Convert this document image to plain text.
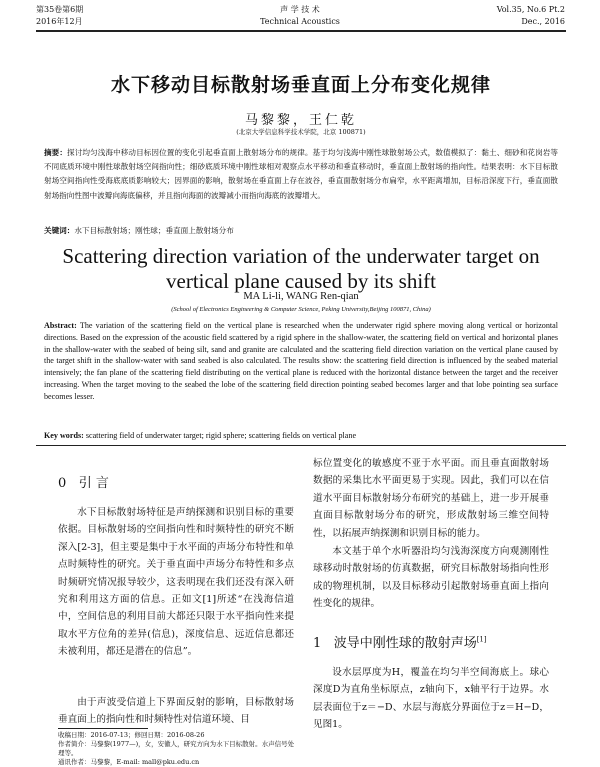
第35卷第6期
2016年12月
声 学 技 术
Technical Acoustics
Vol.35, No.6 Pt.2
Dec., 2016
水下移动目标散射场垂直面上分布变化规律
马黎黎，王仁乾
(北京大学信息科学技术学院，北京 100871)
摘要：探讨均匀浅海中移动目标因位置的变化引起垂直面上散射场分布的规律。基于均匀浅海中刚性球散射场公式，数值模拟了：黏土、细砂和花岗岩等不同底质环境中刚性球散射场空间指向性；细砂底质环境中刚性球相对观察点水平移动和垂直移动时，垂直面上散射场的指向性。结果表明：水下目标散射场空间指向性受海底底质影响较大；因界面的影响，散射场在垂直面上存在波谷，垂直面散射场分布扁窄，水平距离增加，目标沿深度下行，垂直面散射场指向性图中波瓣向海底偏移，并且指向海面的波瓣减小而指向海底的波瓣增大。
关键词：水下目标散射场；刚性球；垂直面上散射场分布
Scattering direction variation of the underwater target on vertical plane caused by its shift
MA Li-li, WANG Ren-qian
(School of Electronics Engineering & Computer Science, Peking University,Beijing 100871, China)
Abstract: The variation of the scattering field on the vertical plane is researched when the underwater rigid sphere moving along vertical or horizontal directions. Based on the expression of the acoustic field scattered by a rigid sphere in the shallow-water, the scattering field on vertical and horizontal planes in the shallow-water with the seabed of being silt, sand and granite are calculated and the scattering field direction variation on the vertical plane caused by the target shift in the shallow-water with sand seabed is also calculated. The results show: the scattering field direction is influenced by the seabed material intensively; the fan plane of the scattering field distributing on the vertical plane is reduced with the horizontal distance between the target and the receiver increasing. When the target moving to the seabed the lobe of the scattering field direction pointing seabed becomes larger and that lobe pointing sea surface becomes lesser.
Key words: scattering field of underwater target; rigid sphere; scattering fields on vertical plane
0 引 言
水下目标散射场特征是声纳探测和识别目标的重要依据。目标散射场的空间指向性和时频特性的研究不断深入[2-3]，但主要是集中于水平面的声场分布特性和单点时频特性的研究。关于垂直面中声场分布特性和多点时频研究情况报导较少，这表明现在我们还没有深入研究和利用这方面的信息。正如文[1]所述“在浅海信道中，空间信息的利用目前大都还只限于水平指向性来提取水平方位角的差异(信息)，深度信息、远近信息都还未被利用，都还是潜在的信息”。
由于声波受信道上下界面反射的影响，目标散射场垂直面上的指向性和时频特性对信道环境、目
标位置变化的敏感度不亚于水平面。而且垂直面散射场数据的采集比水平面更易于实现。因此，我们可以在信道水平面目标散射场分布研究的基础上，进一步开展垂直面目标散射场分布的研究，形成散射场三维空间特性，以拓展声纳探测和识别目标的能力。
本文基于单个水听器沿均匀浅海深度方向观测刚性球移动时散射场的仿真数据，研究目标散射场指向性形成的物理机制，以及目标移动引起散射场垂直面上指向性变化的规律。
1 波导中刚性球的散射声场[1]
设水层厚度为H，覆盖在均匀半空间海底上。球心深度D为直角坐标原点，z轴向下，x轴平行于边界。水层表面位于z＝−D、水层与海底分界面位于z＝H−D，见图1。
收稿日期：2016-07-13；修回日期：2016-08-26
作者简介：马黎黎(1977—)，女，安徽人，研究方向为水下目标散射。水声信号处理等。
通讯作者：马黎黎，E-mail: mall@pku.edu.cn
